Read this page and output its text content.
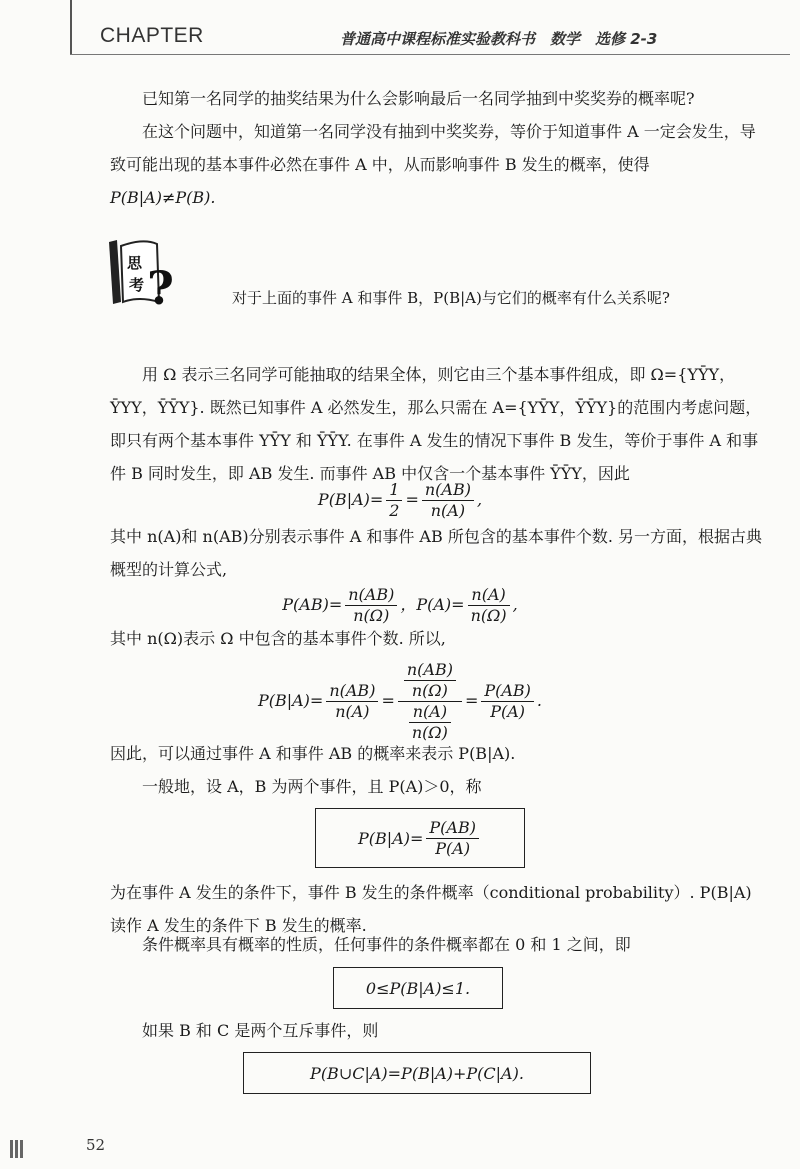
CHAPTER	普通高中课程标准实验教科书　数学　选修 2-3

已知第一名同学的抽奖结果为什么会影响最后一名同学抽到中奖奖券的概率呢?

在这个问题中，知道第一名同学没有抽到中奖奖券，等价于知道事件 A 一定会发生，导致可能出现的基本事件必然在事件 A 中，从而影响事件 B 发生的概率，使得
P(B|A)≠P(B).
思
考 ?	对于上面的事件 A 和事件 B，P(B|A)与它们的概率有什么关系呢?

用 Ω 表示三名同学可能抽取的结果全体，则它由三个基本事件组成，即 Ω={YȲY，ȲYY，ȲȲY}. 既然已知事件 A 必然发生，那么只需在 A={YȲY，ȲȲY}的范围内考虑问题，即只有两个基本事件 YȲY 和 ȲȲY. 在事件 A 发生的情况下事件 B 发生，等价于事件 A 和事件 B 同时发生，即 AB 发生. 而事件 AB 中仅含一个基本事件 ȲȲY，因此

$P(B|A)= \frac{1}{2} = \frac{n(AB)}{n(A)}$ ,

其中 n(A)和 n(AB)分别表示事件 A 和事件 AB 所包含的基本事件个数. 另一方面，根据古典概型的计算公式,

$P(AB)= \frac{n(AB)}{n(\Omega)}$ ，$P(A)= \frac{n(A)}{n(\Omega)}$ ,

其中 n(Ω)表示 Ω 中包含的基本事件个数. 所以,

$P(B|A)= \frac{n(AB)}{n(A)} = \frac{\frac{n(AB)}{n(\Omega)}}{\frac{n(A)}{n(\Omega)}} = \frac{P(AB)}{P(A)}$ .

因此，可以通过事件 A 和事件 AB 的概率来表示 P(B|A).

一般地，设 A，B 为两个事件，且 P(A)＞0，称

$P(B|A)= \frac{P(AB)}{P(A)}$

为在事件 A 发生的条件下，事件 B 发生的条件概率（conditional probability）. P(B|A)读作 A 发生的条件下 B 发生的概率.

条件概率具有概率的性质，任何事件的条件概率都在 0 和 1 之间，即

0≤P(B|A)≤1.

如果 B 和 C 是两个互斥事件，则

P(B∪C|A)=P(B|A)+P(C|A).
52
